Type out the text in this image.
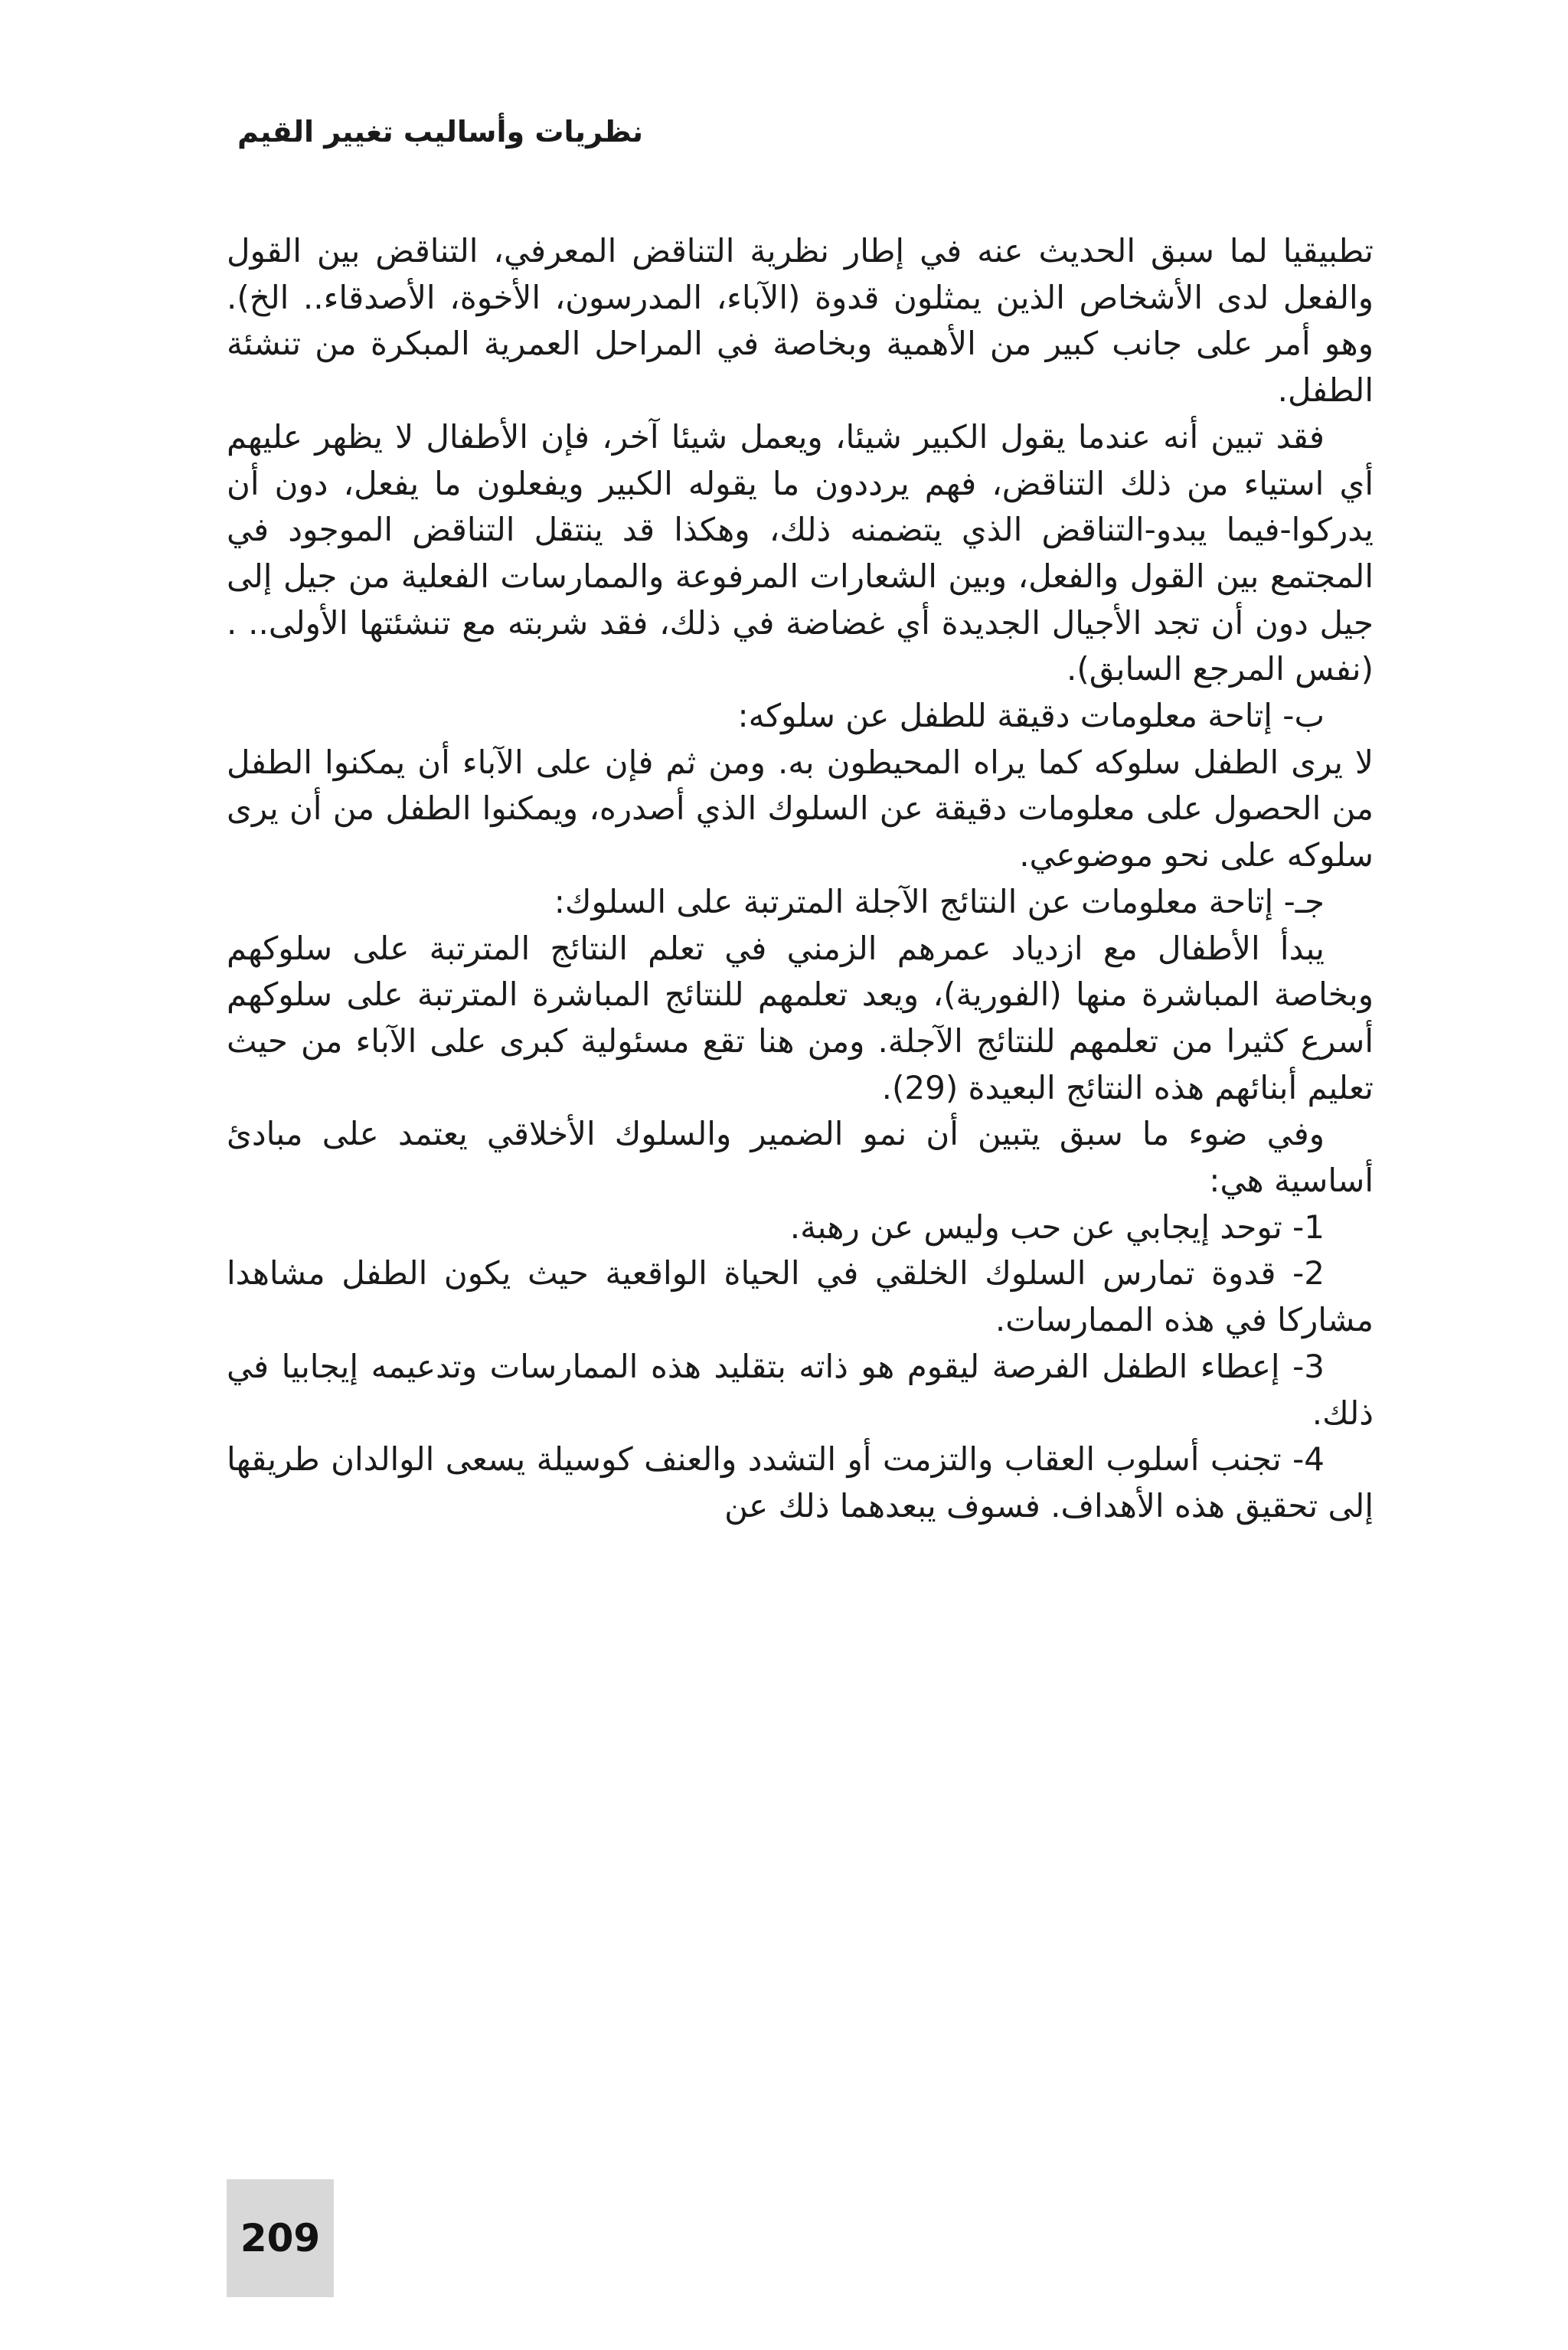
نظريات وأساليب تغيير القيم

تطبيقيا لما سبق الحديث عنه في إطار نظرية التناقض المعرفي، التناقض بين القول والفعل لدى الأشخاص الذين يمثلون قدوة (الآباء، المدرسون، الأخوة، الأصدقاء.. الخ). وهو أمر على جانب كبير من الأهمية وبخاصة في المراحل العمرية المبكرة من تنشئة الطفل.

فقد تبين أنه عندما يقول الكبير شيئا، ويعمل شيئا آخر، فإن الأطفال لا يظهر عليهم أي استياء من ذلك التناقض، فهم يرددون ما يقوله الكبير ويفعلون ما يفعل، دون أن يدركوا-فيما يبدو-التناقض الذي يتضمنه ذلك، وهكذا قد ينتقل التناقض الموجود في المجتمع بين القول والفعل، وبين الشعارات المرفوعة والممارسات الفعلية من جيل إلى جيل دون أن تجد الأجيال الجديدة أي غضاضة في ذلك، فقد شربته مع تنشئتها الأولى.. . (نفس المرجع السابق).

ب- إتاحة معلومات دقيقة للطفل عن سلوكه:

لا يرى الطفل سلوكه كما يراه المحيطون به. ومن ثم فإن على الآباء أن يمكنوا الطفل من الحصول على معلومات دقيقة عن السلوك الذي أصدره، ويمكنوا الطفل من أن يرى سلوكه على نحو موضوعي.

جـ- إتاحة معلومات عن النتائج الآجلة المترتبة على السلوك:

يبدأ الأطفال مع ازدياد عمرهم الزمني في تعلم النتائج المترتبة على سلوكهم وبخاصة المباشرة منها (الفورية)، ويعد تعلمهم للنتائج المباشرة المترتبة على سلوكهم أسرع كثيرا من تعلمهم للنتائج الآجلة. ومن هنا تقع مسئولية كبرى على الآباء من حيث تعليم أبنائهم هذه النتائج البعيدة (29).

وفي ضوء ما سبق يتبين أن نمو الضمير والسلوك الأخلاقي يعتمد على مبادئ أساسية هي:

1- توحد إيجابي عن حب وليس عن رهبة.

2- قدوة تمارس السلوك الخلقي في الحياة الواقعية حيث يكون الطفل مشاهدا مشاركا في هذه الممارسات.

3- إعطاء الطفل الفرصة ليقوم هو ذاته بتقليد هذه الممارسات وتدعيمه إيجابيا في ذلك.

4- تجنب أسلوب العقاب والتزمت أو التشدد والعنف كوسيلة يسعى الوالدان طريقها إلى تحقيق هذه الأهداف. فسوف يبعدهما ذلك عن

209
